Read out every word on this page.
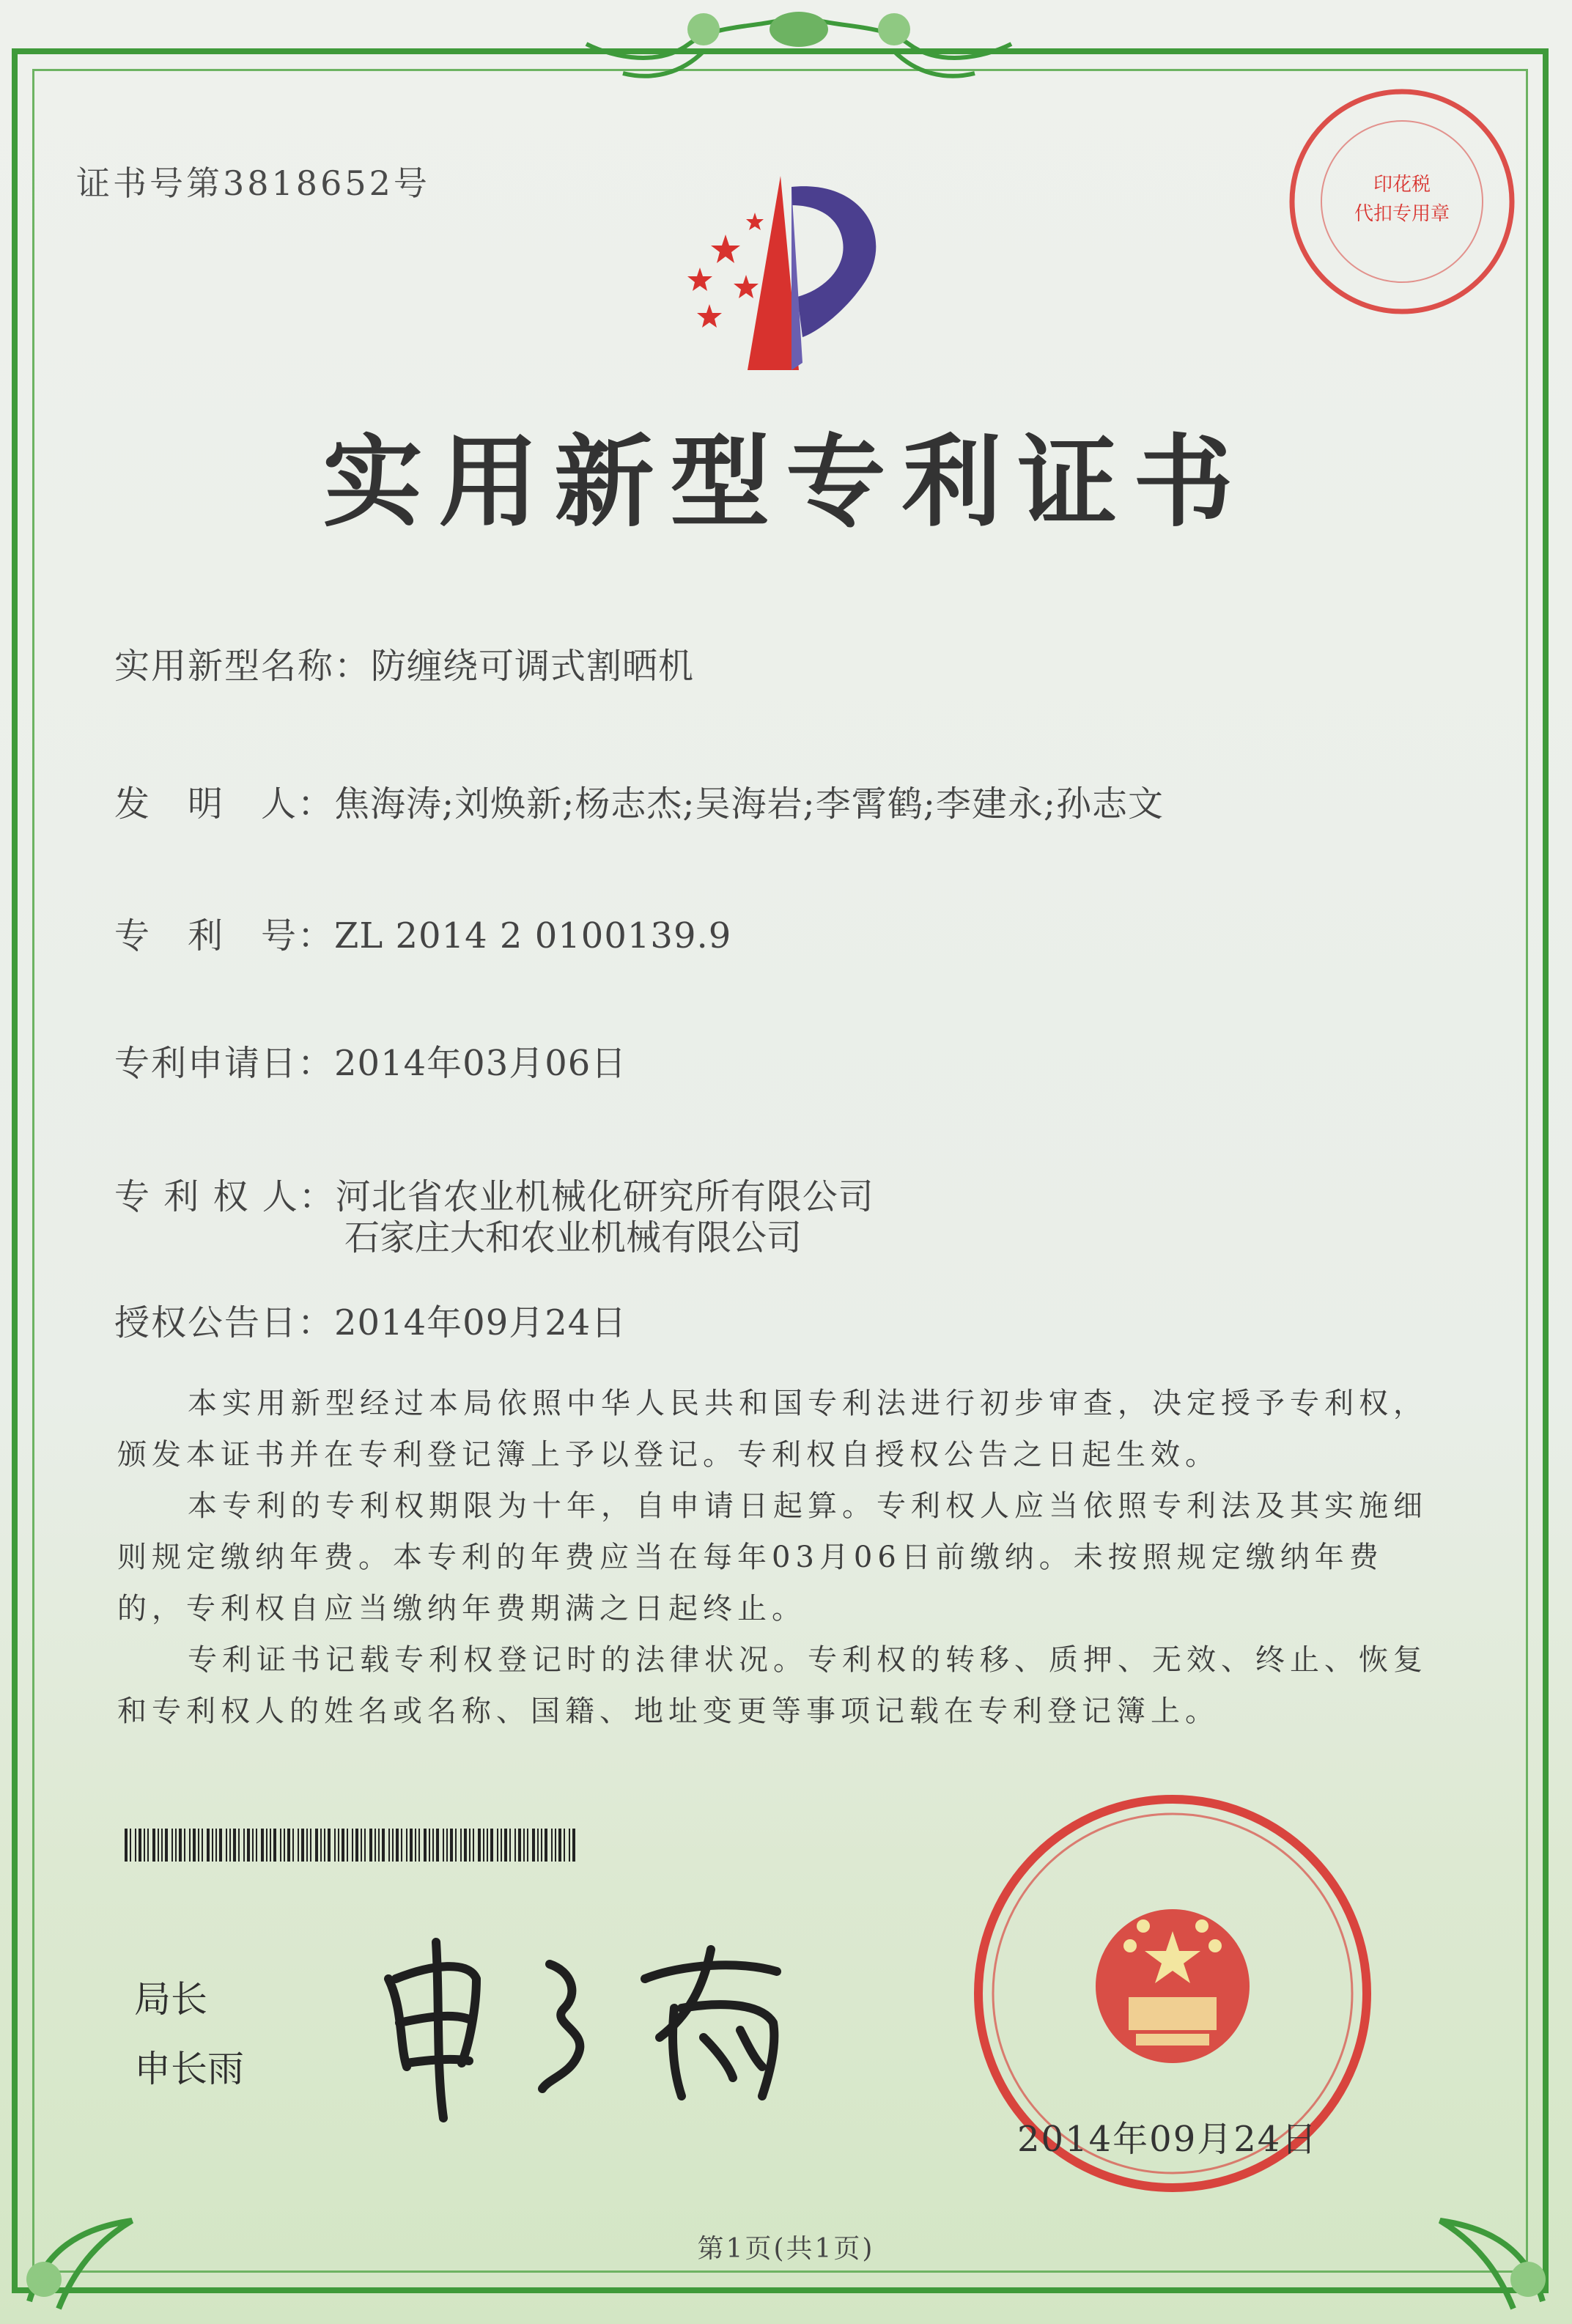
证书号第3818652号	印花税
代扣专用章
实用新型专利证书
实用新型名称：防缠绕可调式割晒机
发　明　人：焦海涛;刘焕新;杨志杰;吴海岩;李霄鹤;李建永;孙志文
专　利　号：ZL 2014 2 0100139.9
专利申请日：2014年03月06日
专 利 权 人：河北省农业机械化研究所有限公司
石家庄大和农业机械有限公司
授权公告日：2014年09月24日
本实用新型经过本局依照中华人民共和国专利法进行初步审查，决定授予专利权，颁发本证书并在专利登记簿上予以登记。专利权自授权公告之日起生效。
本专利的专利权期限为十年，自申请日起算。专利权人应当依照专利法及其实施细则规定缴纳年费。本专利的年费应当在每年03月06日前缴纳。未按照规定缴纳年费的，专利权自应当缴纳年费期满之日起终止。
专利证书记载专利权登记时的法律状况。专利权的转移、质押、无效、终止、恢复和专利权人的姓名或名称、国籍、地址变更等事项记载在专利登记簿上。
局长
申长雨
2014年09月24日
第1页(共1页)
